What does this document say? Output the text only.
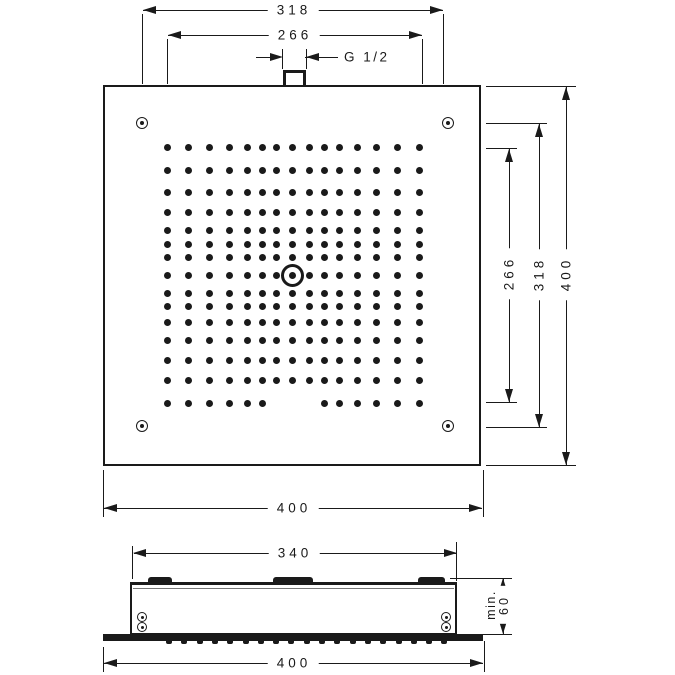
318
266
G 1/2
400
266 318 400
340
400
min. 60
